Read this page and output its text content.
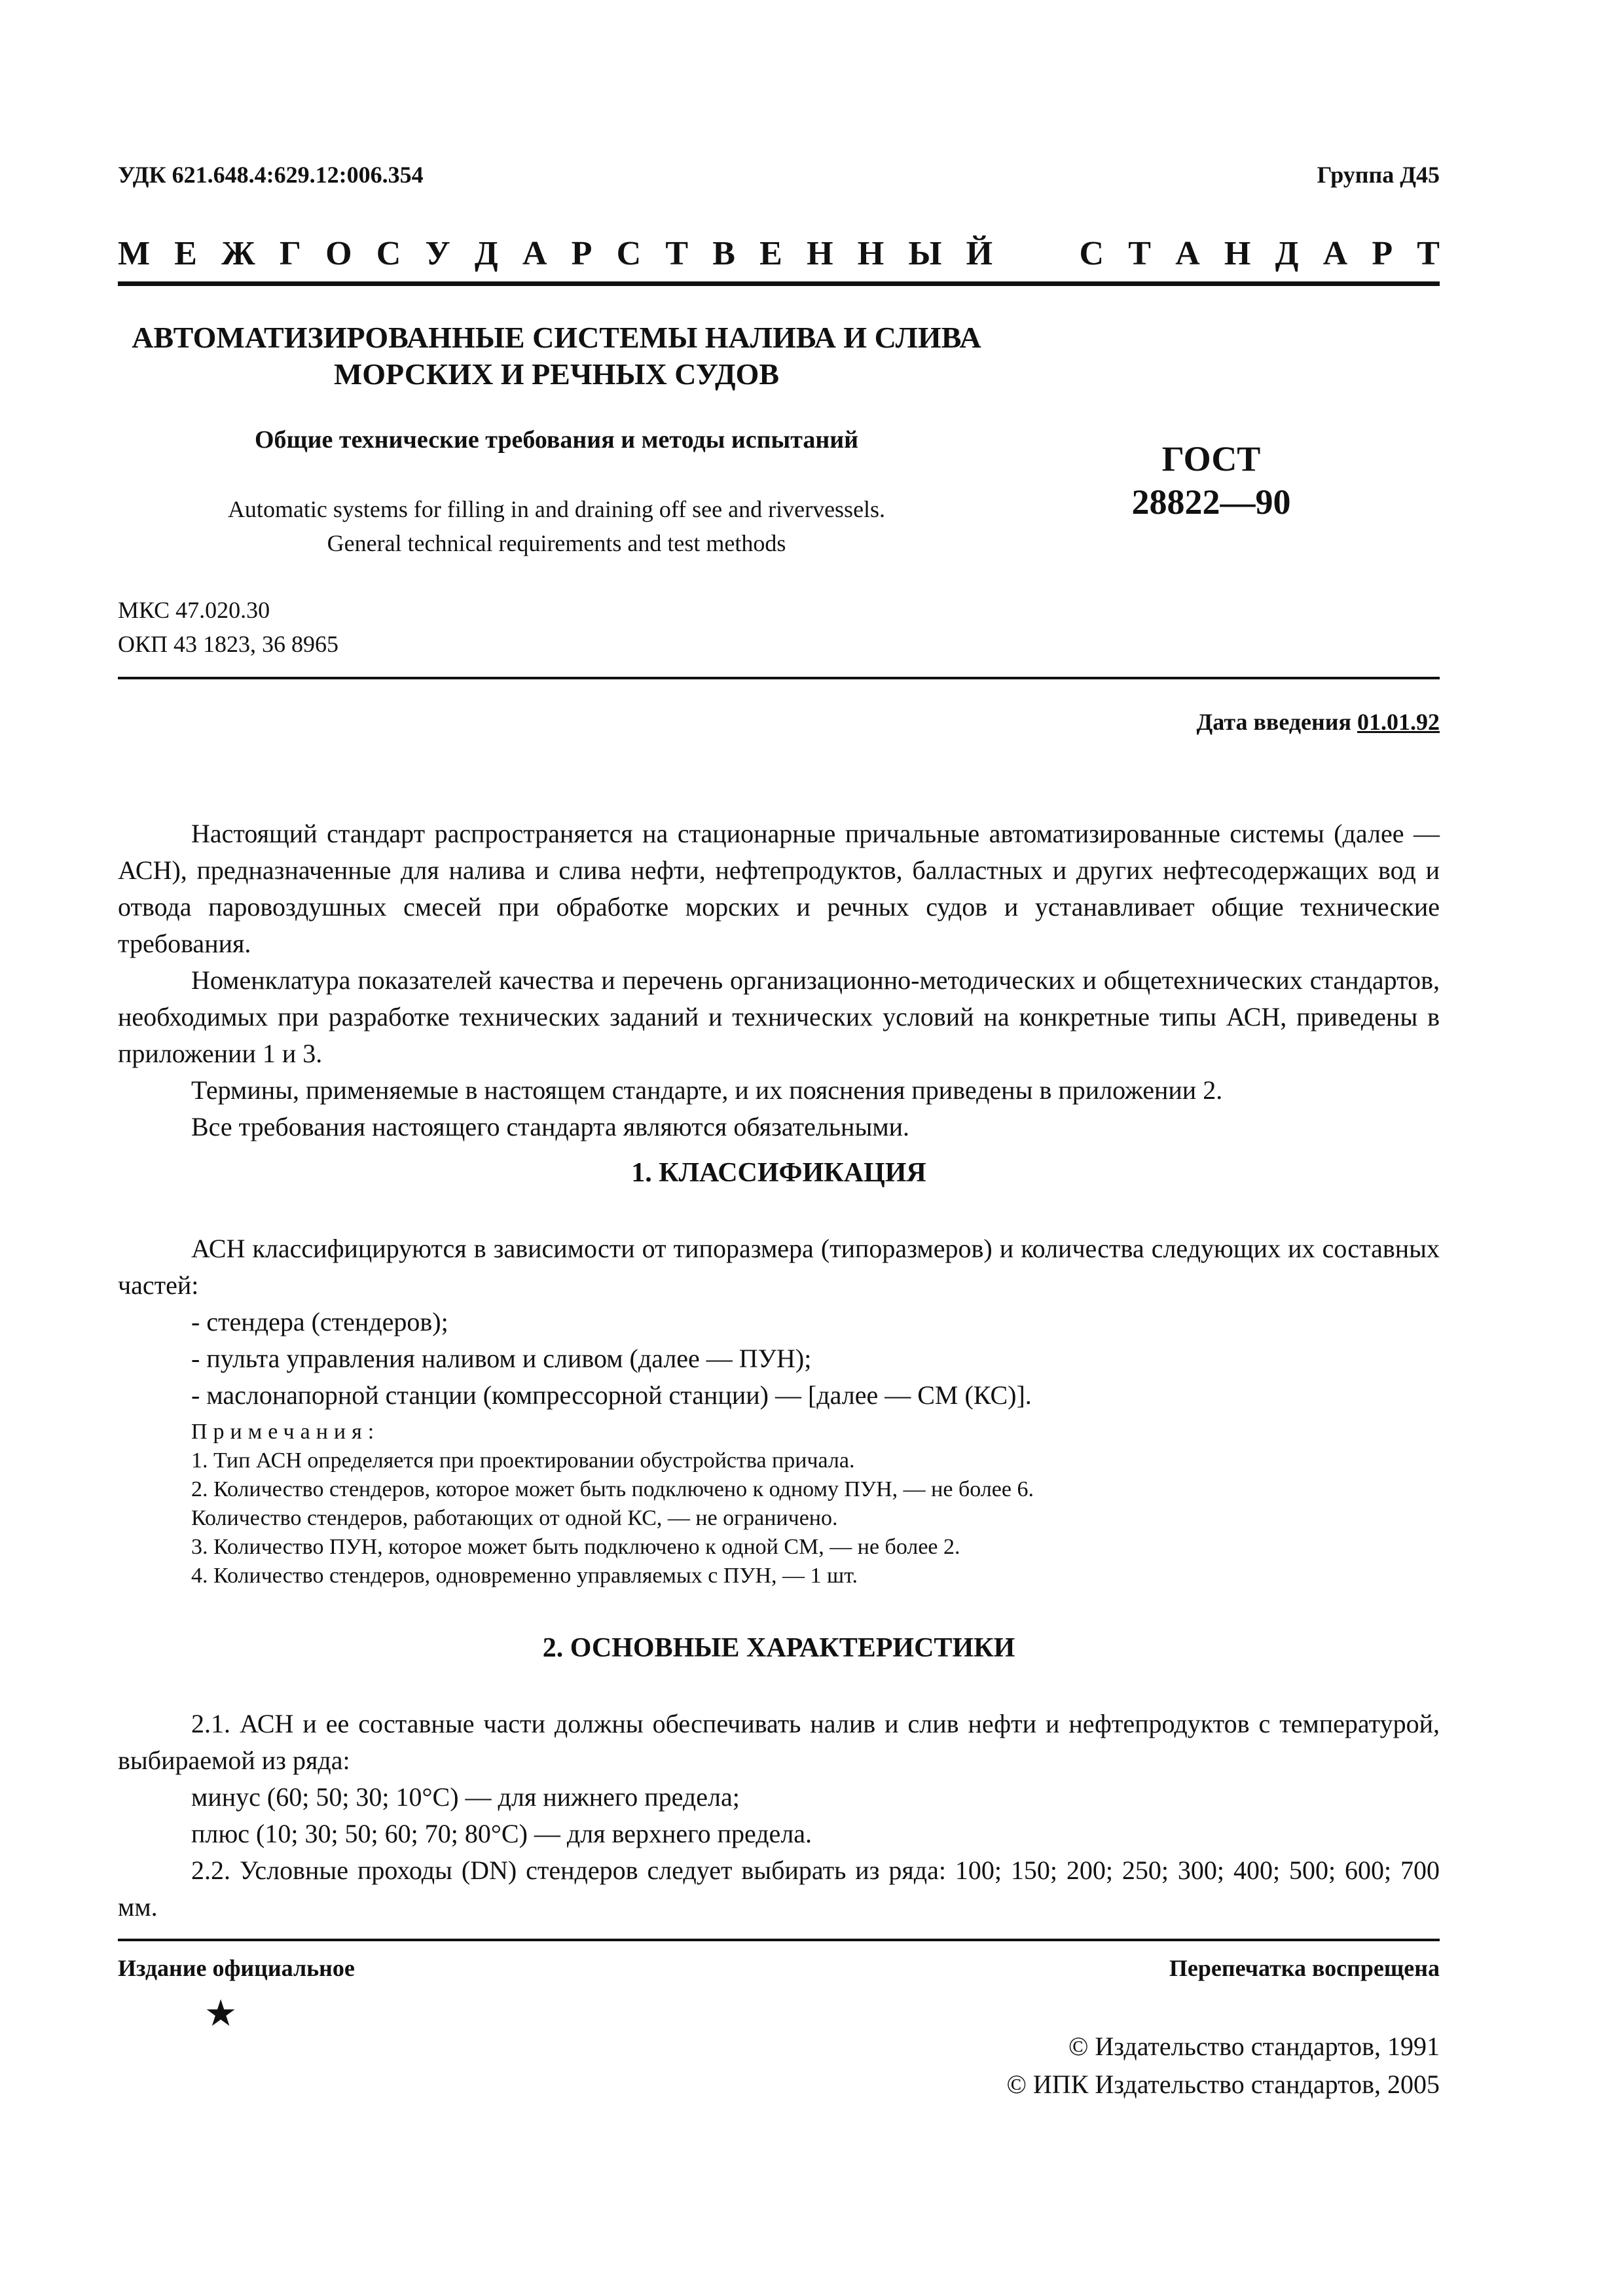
УДК 621.648.4:629.12:006.354	Группа Д45
М Е Ж Г О С У Д А Р С Т В Е Н Н Ы Й	С Т А Н Д А Р Т
АВТОМАТИЗИРОВАННЫЕ СИСТЕМЫ НАЛИВА И СЛИВА
МОРСКИХ И РЕЧНЫХ СУДОВ
Общие технические требования и методы испытаний
Automatic systems for filling in and draining off see and rivervessels.
General technical requirements and test methods
ГОСТ
28822—90
МКС 47.020.30
ОКП 43 1823, 36 8965
Дата введения 01.01.92

Настоящий стандарт распространяется на стационарные причальные автоматизированные системы (далее — АСН), предназначенные для налива и слива нефти, нефтепродуктов, балластных и других нефтесодержащих вод и отвода паровоздушных смесей при обработке морских и речных судов и устанавливает общие технические требования.

Номенклатура показателей качества и перечень организационно-методических и общетехнических стандартов, необходимых при разработке технических заданий и технических условий на конкретные типы АСН, приведены в приложении 1 и 3.

Термины, применяемые в настоящем стандарте, и их пояснения приведены в приложении 2.

Все требования настоящего стандарта являются обязательными.

1. КЛАССИФИКАЦИЯ

АСН классифицируются в зависимости от типоразмера (типоразмеров) и количества следующих их составных частей:

- стендера (стендеров);

- пульта управления наливом и сливом (далее — ПУН);

- маслонапорной станции (компрессорной станции) — [далее — СМ (КС)].

Примечания:

1. Тип АСН определяется при проектировании обустройства причала.

2. Количество стендеров, которое может быть подключено к одному ПУН, — не более 6.

Количество стендеров, работающих от одной КС, — не ограничено.

3. Количество ПУН, которое может быть подключено к одной СМ, — не более 2.

4. Количество стендеров, одновременно управляемых с ПУН, — 1 шт.

2. ОСНОВНЫЕ ХАРАКТЕРИСТИКИ

2.1. АСН и ее составные части должны обеспечивать налив и слив нефти и нефтепродуктов с температурой, выбираемой из ряда:

минус (60; 50; 30; 10°С) — для нижнего предела;

плюс (10; 30; 50; 60; 70; 80°С) — для верхнего предела.

2.2. Условные проходы (DN) стендеров следует выбирать из ряда: 100; 150; 200; 250; 300; 400; 500; 600; 700 мм.

Издание официальное	Перепечатка воспрещена
★
© Издательство стандартов, 1991
© ИПК Издательство стандартов, 2005
